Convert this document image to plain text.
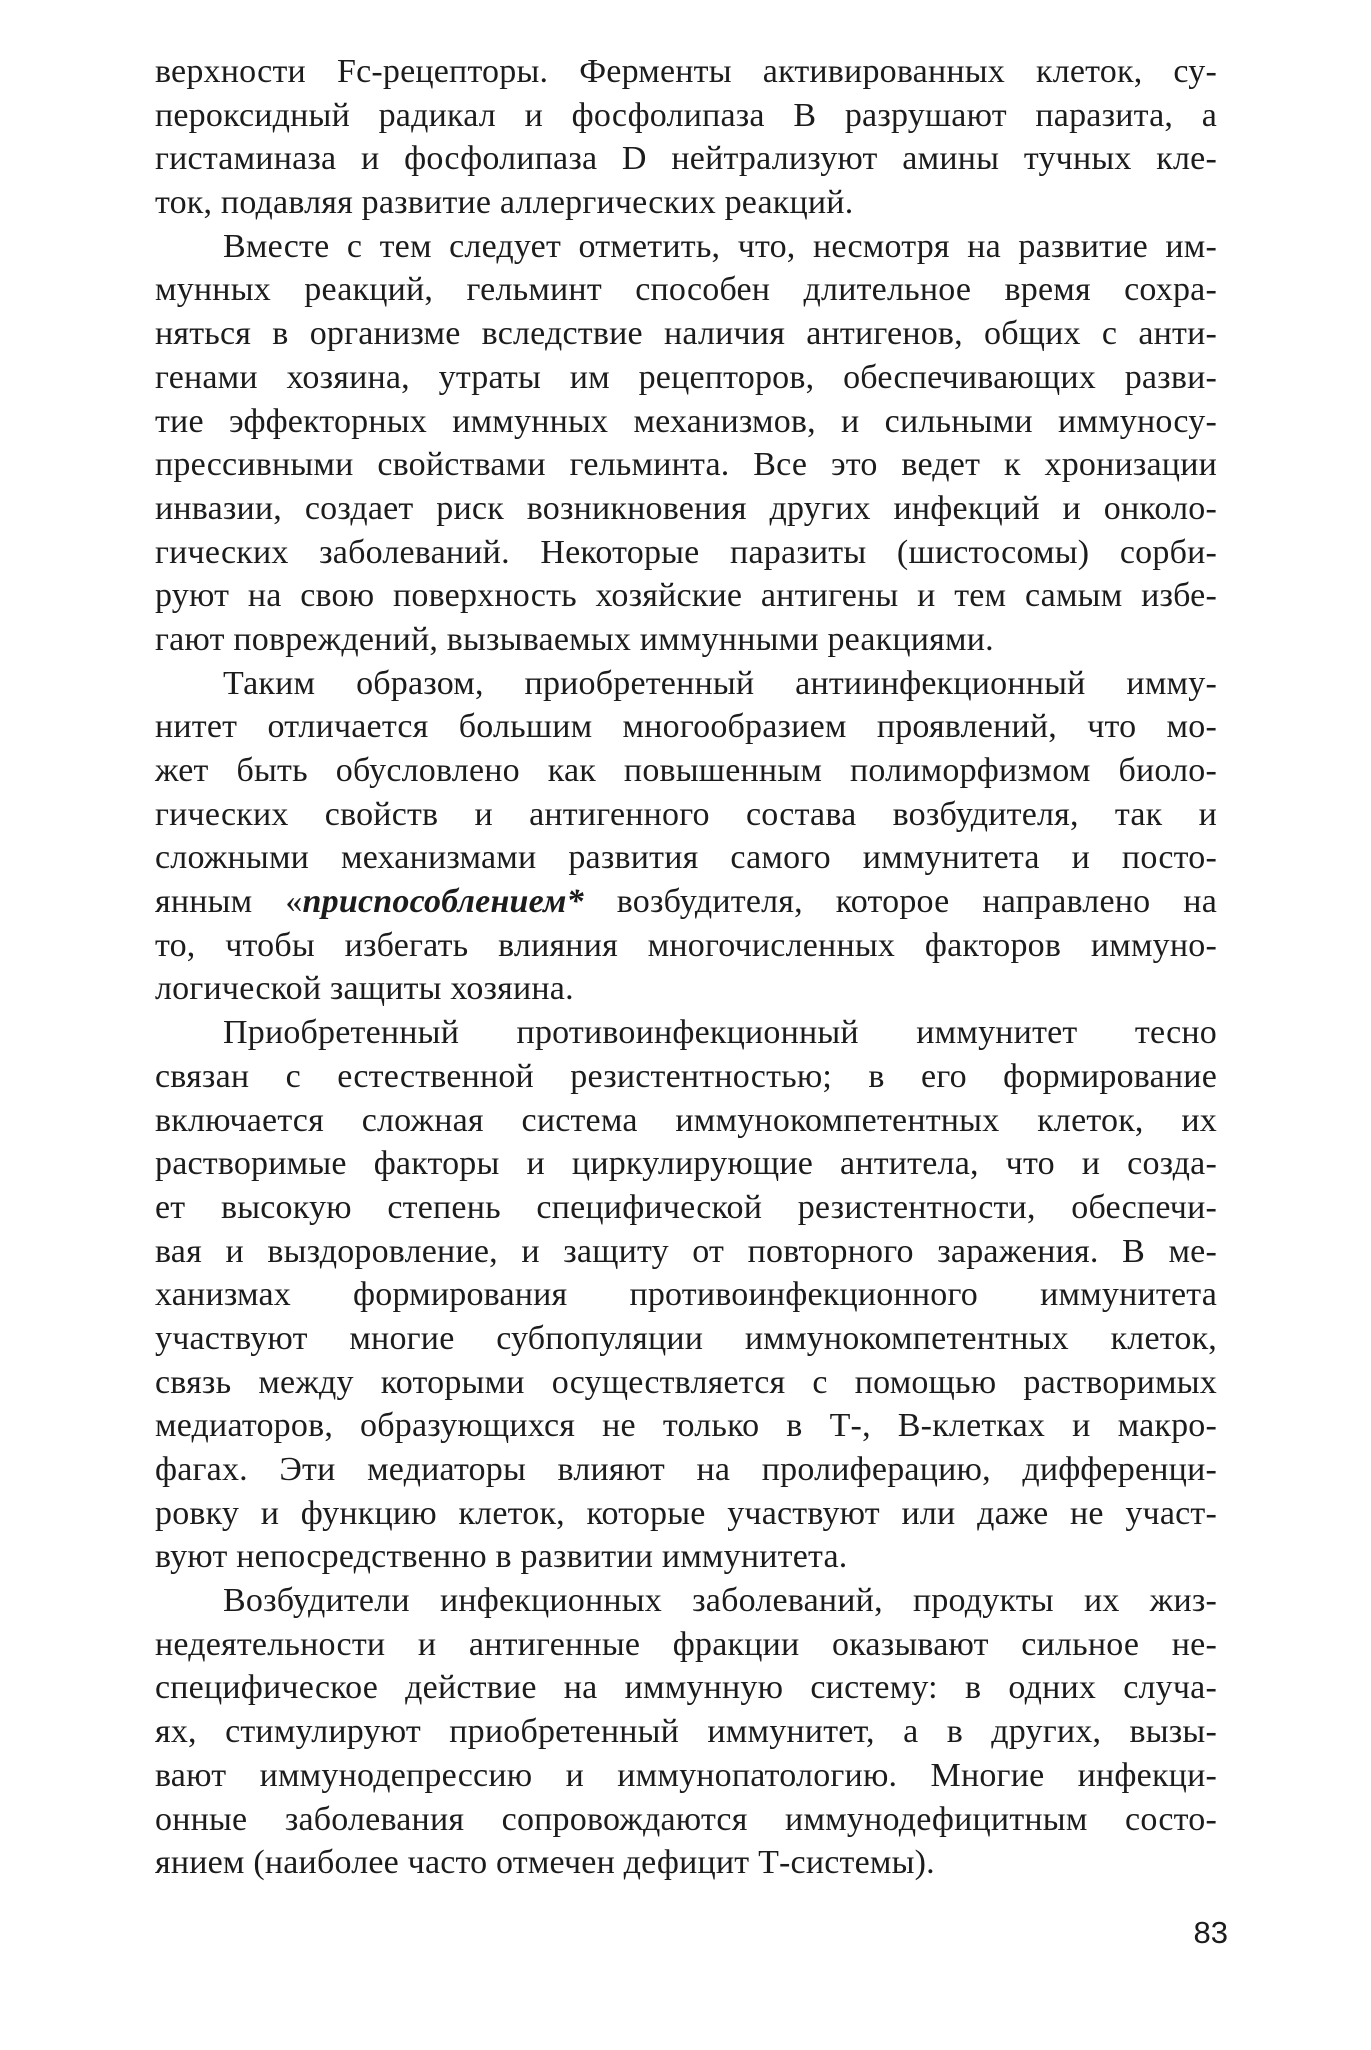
верхности Fc-рецепторы. Ферменты активированных клеток, су-
пероксидный радикал и фосфолипаза В разрушают паразита, а
гистаминаза и фосфолипаза D нейтрализуют амины тучных кле-
ток, подавляя развитие аллергических реакций.
Вместе с тем следует отметить, что, несмотря на развитие им-
мунных реакций, гельминт способен длительное время сохра-
няться в организме вследствие наличия антигенов, общих с анти-
генами хозяина, утраты им рецепторов, обеспечивающих разви-
тие эффекторных иммунных механизмов, и сильными иммуносу-
прессивными свойствами гельминта. Все это ведет к хронизации
инвазии, создает риск возникновения других инфекций и онколо-
гических заболеваний. Некоторые паразиты (шистосомы) сорби-
руют на свою поверхность хозяйские антигены и тем самым избе-
гают повреждений, вызываемых иммунными реакциями.
Таким образом, приобретенный антиинфекционный имму-
нитет отличается большим многообразием проявлений, что мо-
жет быть обусловлено как повышенным полиморфизмом биоло-
гических свойств и антигенного состава возбудителя, так и
сложными механизмами развития самого иммунитета и посто-
янным «приспособлением* возбудителя, которое направлено на
то, чтобы избегать влияния многочисленных факторов иммуно-
логической защиты хозяина.
Приобретенный противоинфекционный иммунитет тесно
связан с естественной резистентностью; в его формирование
включается сложная система иммунокомпетентных клеток, их
растворимые факторы и циркулирующие антитела, что и созда-
ет высокую степень специфической резистентности, обеспечи-
вая и выздоровление, и защиту от повторного заражения. В ме-
ханизмах формирования противоинфекционного иммунитета
участвуют многие субпопуляции иммунокомпетентных клеток,
связь между которыми осуществляется с помощью растворимых
медиаторов, образующихся не только в Т-, В-клетках и макро-
фагах. Эти медиаторы влияют на пролиферацию, дифференци-
ровку и функцию клеток, которые участвуют или даже не участ-
вуют непосредственно в развитии иммунитета.
Возбудители инфекционных заболеваний, продукты их жиз-
недеятельности и антигенные фракции оказывают сильное не-
специфическое действие на иммунную систему: в одних случа-
ях, стимулируют приобретенный иммунитет, а в других, вызы-
вают иммунодепрессию и иммунопатологию. Многие инфекци-
онные заболевания сопровождаются иммунодефицитным состо-
янием (наиболее часто отмечен дефицит Т-системы).
83
